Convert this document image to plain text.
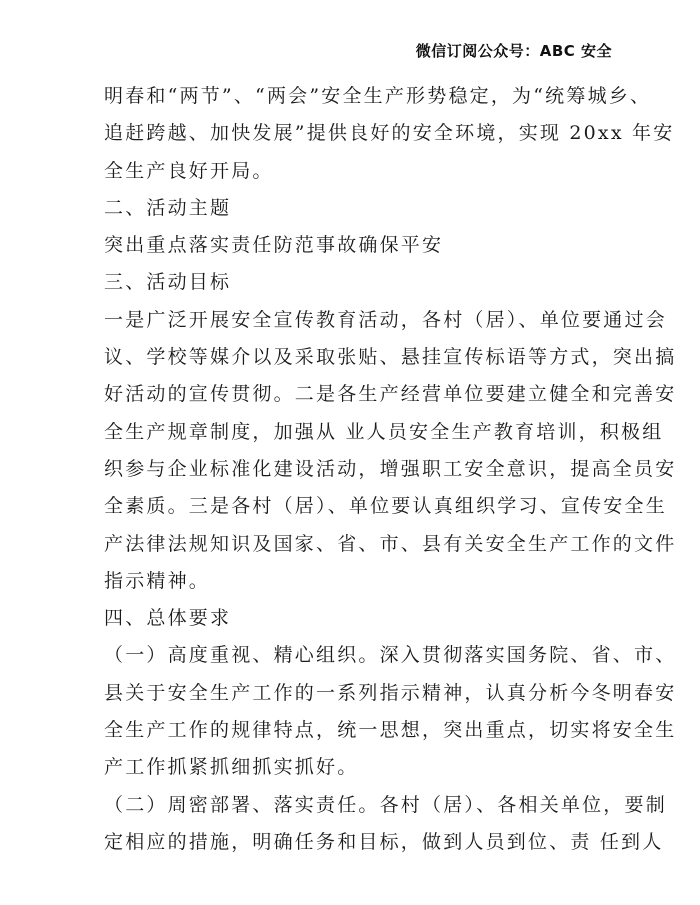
微信订阅公众号：ABC 安全
明春和“两节”、“两会”安全生产形势稳定，为“统筹城乡、
追赶跨越、加快发展”提供良好的安全环境，实现 20xx 年安
全生产良好开局。
二、活动主题
突出重点落实责任防范事故确保平安
三、活动目标
一是广泛开展安全宣传教育活动，各村（居）、单位要通过会
议、学校等媒介以及采取张贴、悬挂宣传标语等方式，突出搞
好活动的宣传贯彻。二是各生产经营单位要建立健全和完善安
全生产规章制度，加强从 业人员安全生产教育培训，积极组
织参与企业标准化建设活动，增强职工安全意识，提高全员安
全素质。三是各村（居）、单位要认真组织学习、宣传安全生
产法律法规知识及国家、省、市、县有关安全生产工作的文件
指示精神。
四、总体要求
（一）高度重视、精心组织。深入贯彻落实国务院、省、市、
县关于安全生产工作的一系列指示精神，认真分析今冬明春安
全生产工作的规律特点，统一思想，突出重点，切实将安全生
产工作抓紧抓细抓实抓好。
（二）周密部署、落实责任。各村（居）、各相关单位，要制
定相应的措施，明确任务和目标，做到人员到位、责 任到人
